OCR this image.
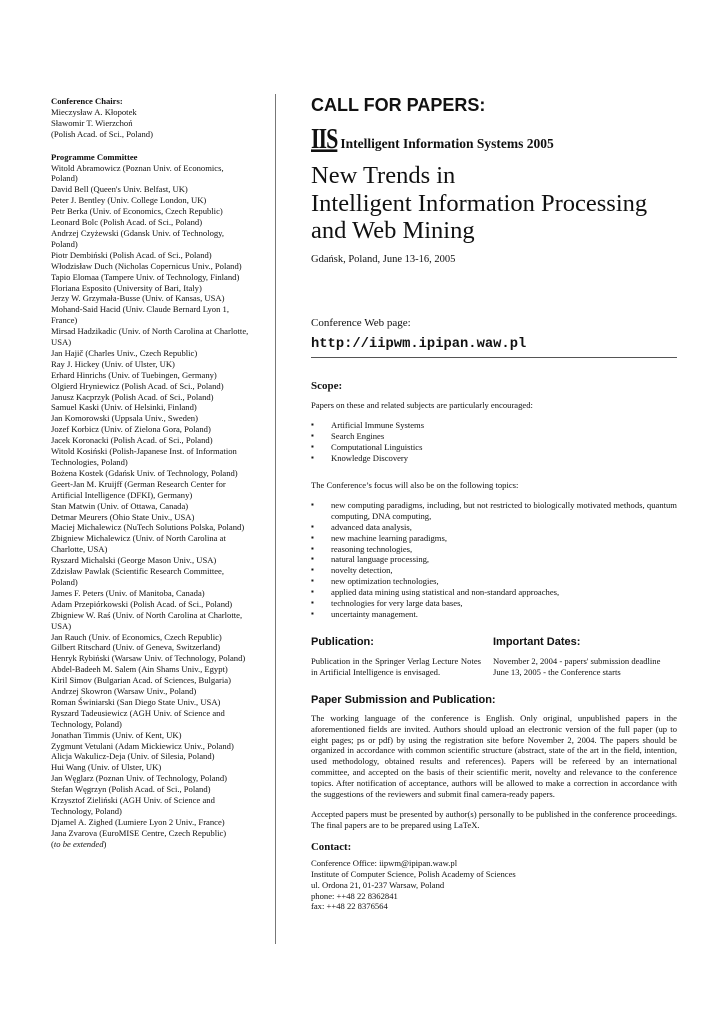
Conference Chairs:
Mieczysław A. Kłopotek
Sławomir T. Wierzchoń
(Polish Acad. of Sci., Poland)
Programme Committee
Witold Abramowicz (Poznan Univ. of Economics,
Poland)
David Bell (Queen's Univ. Belfast, UK)
Peter J. Bentley (Univ. College London, UK)
Petr Berka (Univ. of Economics, Czech Republic)
Leonard Bolc (Polish Acad. of Sci., Poland)
Andrzej Czyżewski (Gdansk Univ. of Technology,
Poland)
Piotr Dembiński (Polish Acad. of Sci., Poland)
Włodzisław Duch (Nicholas Copernicus Univ., Poland)
Tapio Elomaa (Tampere Univ. of Technology, Finland)
Floriana Esposito (University of Bari, Italy)
Jerzy W. Grzymała-Busse (Univ. of Kansas, USA)
Mohand-Said Hacid (Univ. Claude Bernard Lyon 1,
France)
Mirsad Hadzikadic (Univ. of North Carolina at Charlotte,
USA)
Jan Hajič (Charles Univ., Czech Republic)
Ray J. Hickey (Univ. of Ulster, UK)
Erhard Hinrichs (Univ. of Tuebingen, Germany)
Olgierd Hryniewicz (Polish Acad. of Sci., Poland)
Janusz Kacprzyk (Polish Acad. of Sci., Poland)
Samuel Kaski (Univ. of Helsinki, Finland)
Jan Komorowski (Uppsala Univ., Sweden)
Jozef Korbicz (Univ. of Zielona Gora, Poland)
Jacek Koronacki (Polish Acad. of Sci., Poland)
Witold Kosiński (Polish-Japanese Inst. of Information
Technologies, Poland)
Bożena Kostek (Gdańsk Univ. of Technology, Poland)
Geert-Jan M. Kruijff (German Research Center for
Artificial Intelligence (DFKI), Germany)
Stan Matwin (Univ. of Ottawa, Canada)
Detmar Meurers (Ohio State Univ., USA)
Maciej Michalewicz (NuTech Solutions Polska, Poland)
Zbigniew Michalewicz (Univ. of North Carolina at
Charlotte, USA)
Ryszard Michalski (George Mason Univ., USA)
Zdzisław Pawlak (Scientific Research Committee,
Poland)
James F. Peters (Univ. of Manitoba, Canada)
Adam Przepiórkowski (Polish Acad. of Sci., Poland)
Zbigniew W. Raś (Univ. of North Carolina at Charlotte,
USA)
Jan Rauch (Univ. of Economics, Czech Republic)
Gilbert Ritschard (Univ. of Geneva, Switzerland)
Henryk Rybiński (Warsaw Univ. of Technology, Poland)
Abdel-Badeeh M. Salem (Ain Shams Univ., Egypt)
Kiril Simov (Bulgarian Acad. of Sciences, Bulgaria)
Andrzej Skowron (Warsaw Univ., Poland)
Roman Świniarski (San Diego State Univ., USA)
Ryszard Tadeusiewicz (AGH Univ. of Science and
Technology, Poland)
Jonathan Timmis (Univ. of Kent, UK)
Zygmunt Vetulani (Adam Mickiewicz Univ., Poland)
Alicja Wakulicz-Deja (Univ. of Silesia, Poland)
Hui Wang (Univ. of Ulster, UK)
Jan Węglarz (Poznan Univ. of Technology, Poland)
Stefan Węgrzyn (Polish Acad. of Sci., Poland)
Krzysztof Zieliński (AGH Univ. of Science and
Technology, Poland)
Djamel A. Zighed (Lumiere Lyon 2 Univ., France)
Jana Zvarova (EuroMISE Centre, Czech Republic)
(to be extended)
CALL FOR PAPERS:
IIS Intelligent Information Systems 2005
New Trends in
Intelligent Information Processing
and Web Mining
Gdańsk, Poland, June 13-16, 2005
Conference Web page:
http://iipwm.ipipan.waw.pl
Scope:
Papers on these and related subjects are particularly encouraged:
▪ Artificial Immune Systems
▪ Search Engines
▪ Computational Linguistics
▪ Knowledge Discovery
The Conference’s focus will also be on the following topics:
▪ new computing paradigms, including, but not restricted to biologically motivated methods, quantum computing, DNA computing,
▪ advanced data analysis,
▪ new machine learning paradigms,
▪ reasoning technologies,
▪ natural language processing,
▪ novelty detection,
▪ new optimization technologies,
▪ applied data mining using statistical and non-standard approaches,
▪ technologies for very large data bases,
▪ uncertainty management.
Publication:
Publication in the Springer Verlag Lecture Notes in Artificial Intelligence is envisaged.
Important Dates:
November 2, 2004 - papers' submission deadline
June 13, 2005 - the Conference starts
Paper Submission and Publication:
The working language of the conference is English. Only original, unpublished papers in the aforementioned fields are invited. Authors should upload an electronic version of the full paper (up to eight pages; ps or pdf) by using the registration site before November 2, 2004. The papers should be organized in accordance with common scientific structure (abstract, state of the art in the field, intention, used methodology, obtained results and references). Papers will be refereed by an international committee, and accepted on the basis of their scientific merit, novelty and relevance to the conference topics. After notification of acceptance, authors will be allowed to make a correction in accordance with the suggestions of the reviewers and submit final camera-ready papers.
Accepted papers must be presented by author(s) personally to be published in the conference proceedings. The final papers are to be prepared using LaTeX.
Contact:
Conference Office: iipwm@ipipan.waw.pl
Institute of Computer Science, Polish Academy of Sciences
ul. Ordona 21, 01-237 Warsaw, Poland
phone: ++48 22 8362841
fax: ++48 22 8376564
